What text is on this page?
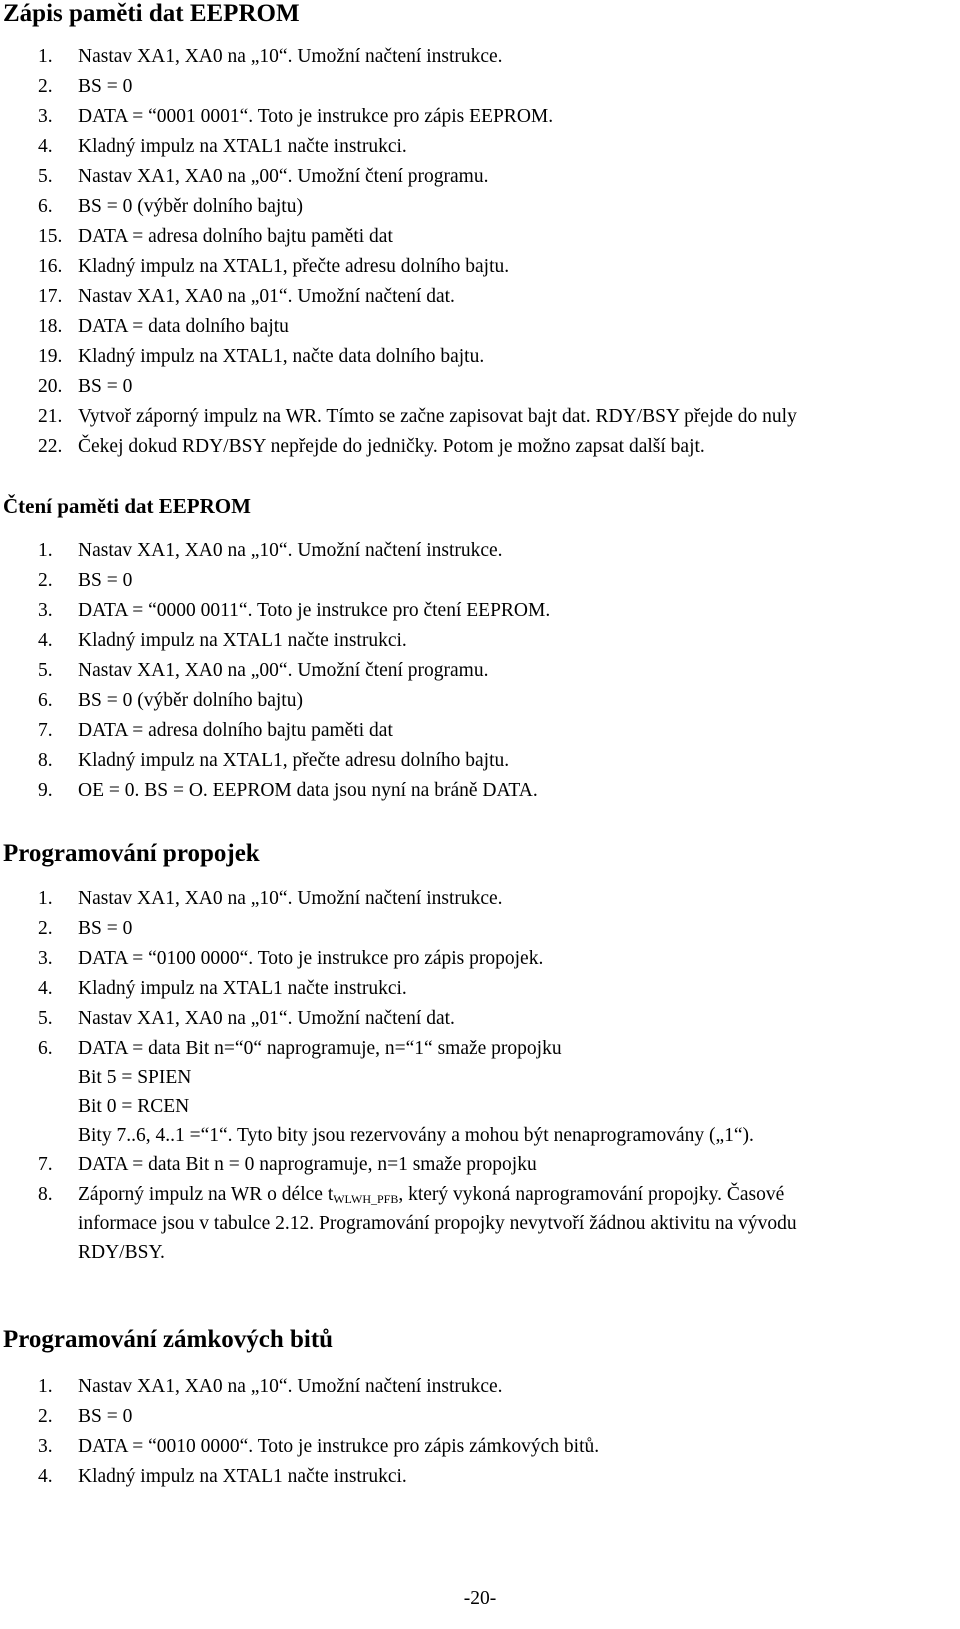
Zápis paměti dat EEPROM
1. Nastav XA1, XA0 na „10“. Umožní načtení instrukce.
2. BS = 0
3. DATA = “0001 0001“. Toto je instrukce pro zápis EEPROM.
4. Kladný impulz na XTAL1 načte instrukci.
5. Nastav XA1, XA0 na „00“. Umožní čtení programu.
6. BS = 0 (výběr dolního bajtu)
15. DATA = adresa dolního bajtu paměti dat
16. Kladný impulz na XTAL1, přečte adresu dolního bajtu.
17. Nastav XA1, XA0 na „01“. Umožní načtení dat.
18. DATA = data dolního bajtu
19. Kladný impulz na XTAL1, načte data dolního bajtu.
20. BS = 0
21. Vytvoř záporný impulz na WR. Tímto se začne zapisovat bajt dat. RDY/BSY přejde do nuly
22. Čekej dokud RDY/BSY nepřejde do jedničky. Potom je možno zapsat další bajt.
Čtení paměti dat EEPROM
1. Nastav XA1, XA0 na „10“. Umožní načtení instrukce.
2. BS = 0
3. DATA = “0000 0011“. Toto je instrukce pro čtení EEPROM.
4. Kladný impulz na XTAL1 načte instrukci.
5. Nastav XA1, XA0 na „00“. Umožní čtení programu.
6. BS = 0 (výběr dolního bajtu)
7. DATA = adresa dolního bajtu paměti dat
8. Kladný impulz na XTAL1, přečte adresu dolního bajtu.
9. OE = 0. BS = O. EEPROM data jsou nyní na bráně DATA.
Programování propojek
1. Nastav XA1, XA0 na „10“. Umožní načtení instrukce.
2. BS = 0
3. DATA = “0100 0000“. Toto je instrukce pro zápis propojek.
4. Kladný impulz na XTAL1 načte instrukci.
5. Nastav XA1, XA0 na „01“. Umožní načtení dat.
6. DATA = data Bit n=“0“ naprogramuje, n=“1“ smaže propojku
Bit 5 = SPIEN
Bit 0 = RCEN
Bity 7..6, 4..1 =“1“. Tyto bity jsou rezervovány a mohou být nenaprogramovány („1“).
7. DATA = data Bit n = 0 naprogramuje, n=1 smaže propojku
8. Záporný impulz na WR o délce $t_{WLWH\_PFB}$, který vykoná naprogramování propojky. Časové
informace jsou v tabulce 2.12. Programování propojky nevytvoří žádnou aktivitu na vývodu
RDY/BSY.
Programování zámkových bitů
1. Nastav XA1, XA0 na „10“. Umožní načtení instrukce.
2. BS = 0
3. DATA = “0010 0000“. Toto je instrukce pro zápis zámkových bitů.
4. Kladný impulz na XTAL1 načte instrukci.
-20-
